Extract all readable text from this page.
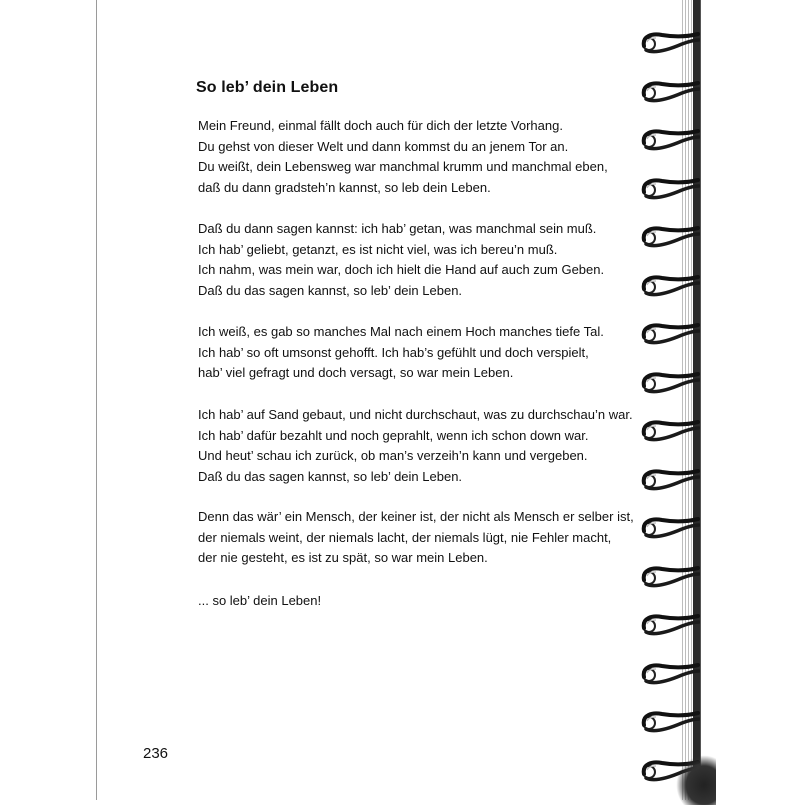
So leb’ dein Leben
Mein Freund, einmal fällt doch auch für dich der letzte Vorhang.
Du gehst von dieser Welt und dann kommst du an jenem Tor an.
Du weißt, dein Lebensweg war manchmal krumm und manchmal eben,
daß du dann gradsteh’n kannst, so leb dein Leben.
Daß du dann sagen kannst: ich hab’ getan, was manchmal sein muß.
Ich hab’ geliebt, getanzt, es ist nicht viel, was ich bereu’n muß.
Ich nahm, was mein war, doch ich hielt die Hand auf auch zum Geben.
Daß du das sagen kannst, so leb’ dein Leben.
Ich weiß, es gab so manches Mal nach einem Hoch manches tiefe Tal.
Ich hab’ so oft umsonst gehofft. Ich hab’s gefühlt und doch verspielt,
hab’ viel gefragt und doch versagt, so war mein Leben.
Ich hab’ auf Sand gebaut, und nicht durchschaut, was zu durchschau’n war.
Ich hab’ dafür bezahlt und noch geprahlt, wenn ich schon down war.
Und heut’ schau ich zurück, ob man’s verzeih’n kann und vergeben.
Daß du das sagen kannst, so leb’ dein Leben.
Denn das wär’ ein Mensch, der keiner ist, der nicht als Mensch er selber ist,
der niemals weint, der niemals lacht, der niemals lügt, nie Fehler macht,
der nie gesteht, es ist zu spät, so war mein Leben.
... so leb’ dein Leben!
236
